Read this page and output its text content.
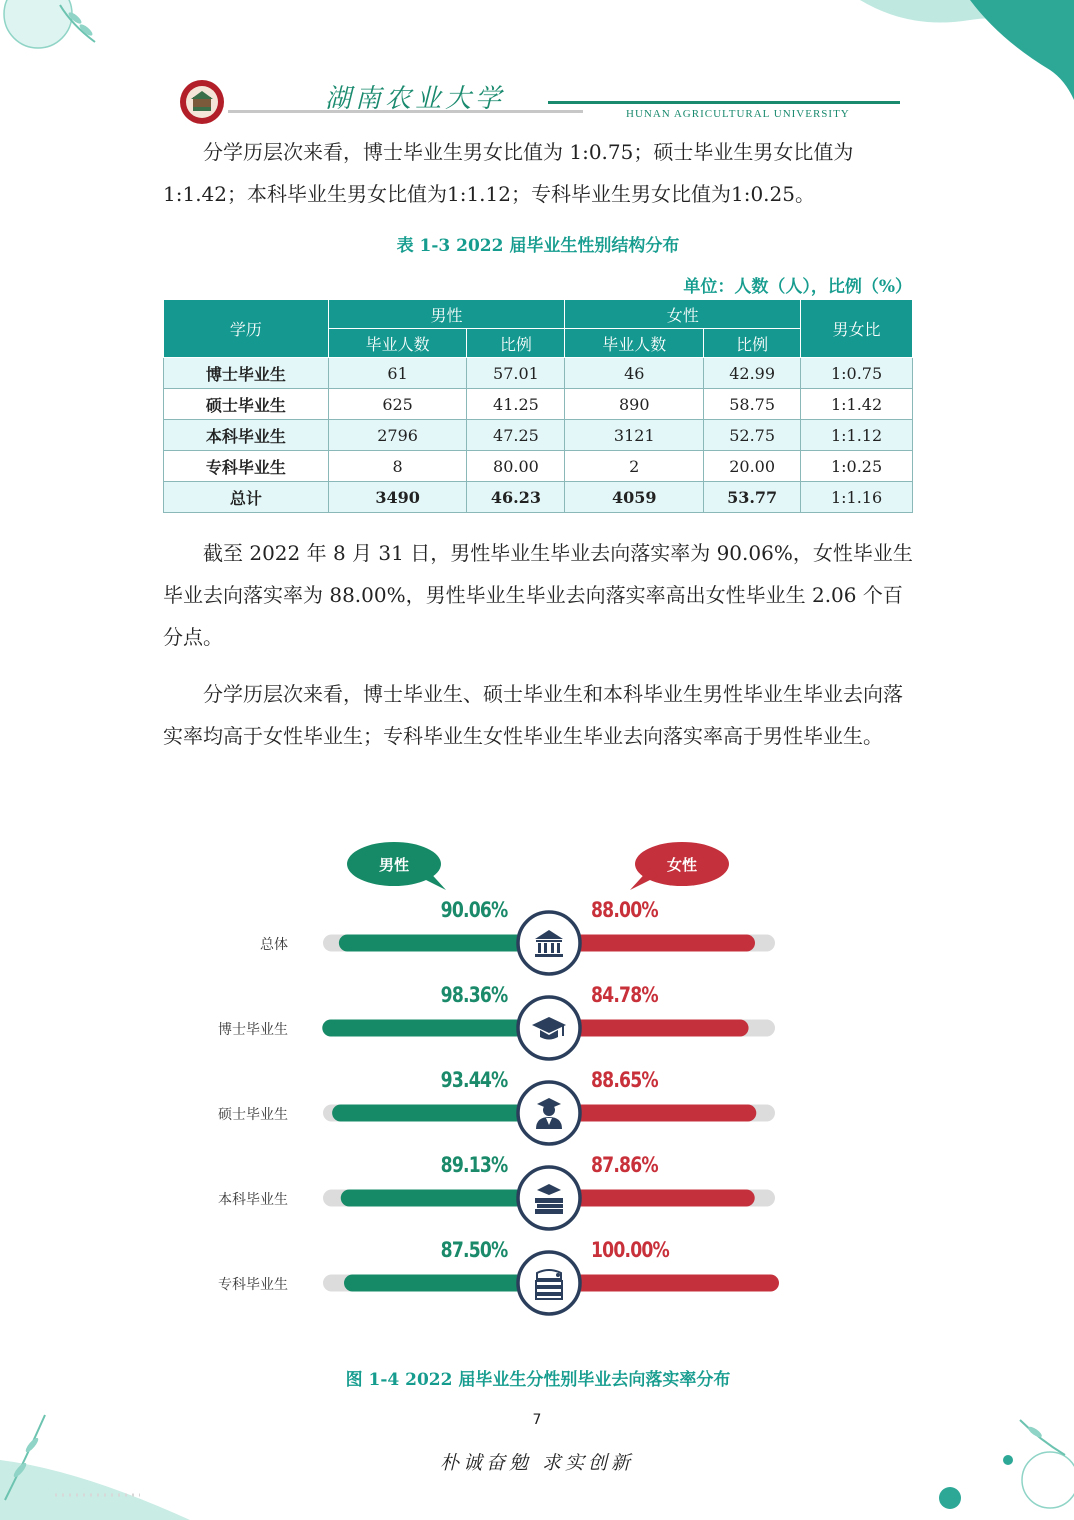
湖南农业大学	HUNAN AGRICULTURAL UNIVERSITY
分学历层次来看，博士毕业生男女比值为 1:0.75；硕士毕业生男女比值为1:1.42；本科毕业生男女比值为1:1.12；专科毕业生男女比值为1:0.25。
表 1-3 2022 届毕业生性别结构分布
单位：人数（人），比例（%）
学历	男性		女性		男女比
	毕业人数	比例	毕业人数	比例	
博士毕业生	61	57.01	46	42.99	1:0.75
硕士毕业生	625	41.25	890	58.75	1:1.42
本科毕业生	2796	47.25	3121	52.75	1:1.12
专科毕业生	8	80.00	2	20.00	1:0.25
总计	3490	46.23	4059	53.77	1:1.16
截至 2022 年 8 月 31 日，男性毕业生毕业去向落实率为 90.06%，女性毕业生毕业去向落实率为 88.00%，男性毕业生毕业去向落实率高出女性毕业生 2.06 个百分点。
分学历层次来看，博士毕业生、硕士毕业生和本科毕业生男性毕业生毕业去向落实率均高于女性毕业生；专科毕业生女性毕业生毕业去向落实率高于男性毕业生。
男性	女性
总体
90.06%	88.00%
博士毕业生
98.36%	84.78%
硕士毕业生
93.44%	88.65%
本科毕业生
89.13%	87.86%
专科毕业生
87.50%	100.00%
图 1-4 2022 届毕业生分性别毕业去向落实率分布
7
朴诚奋勉 求实创新
